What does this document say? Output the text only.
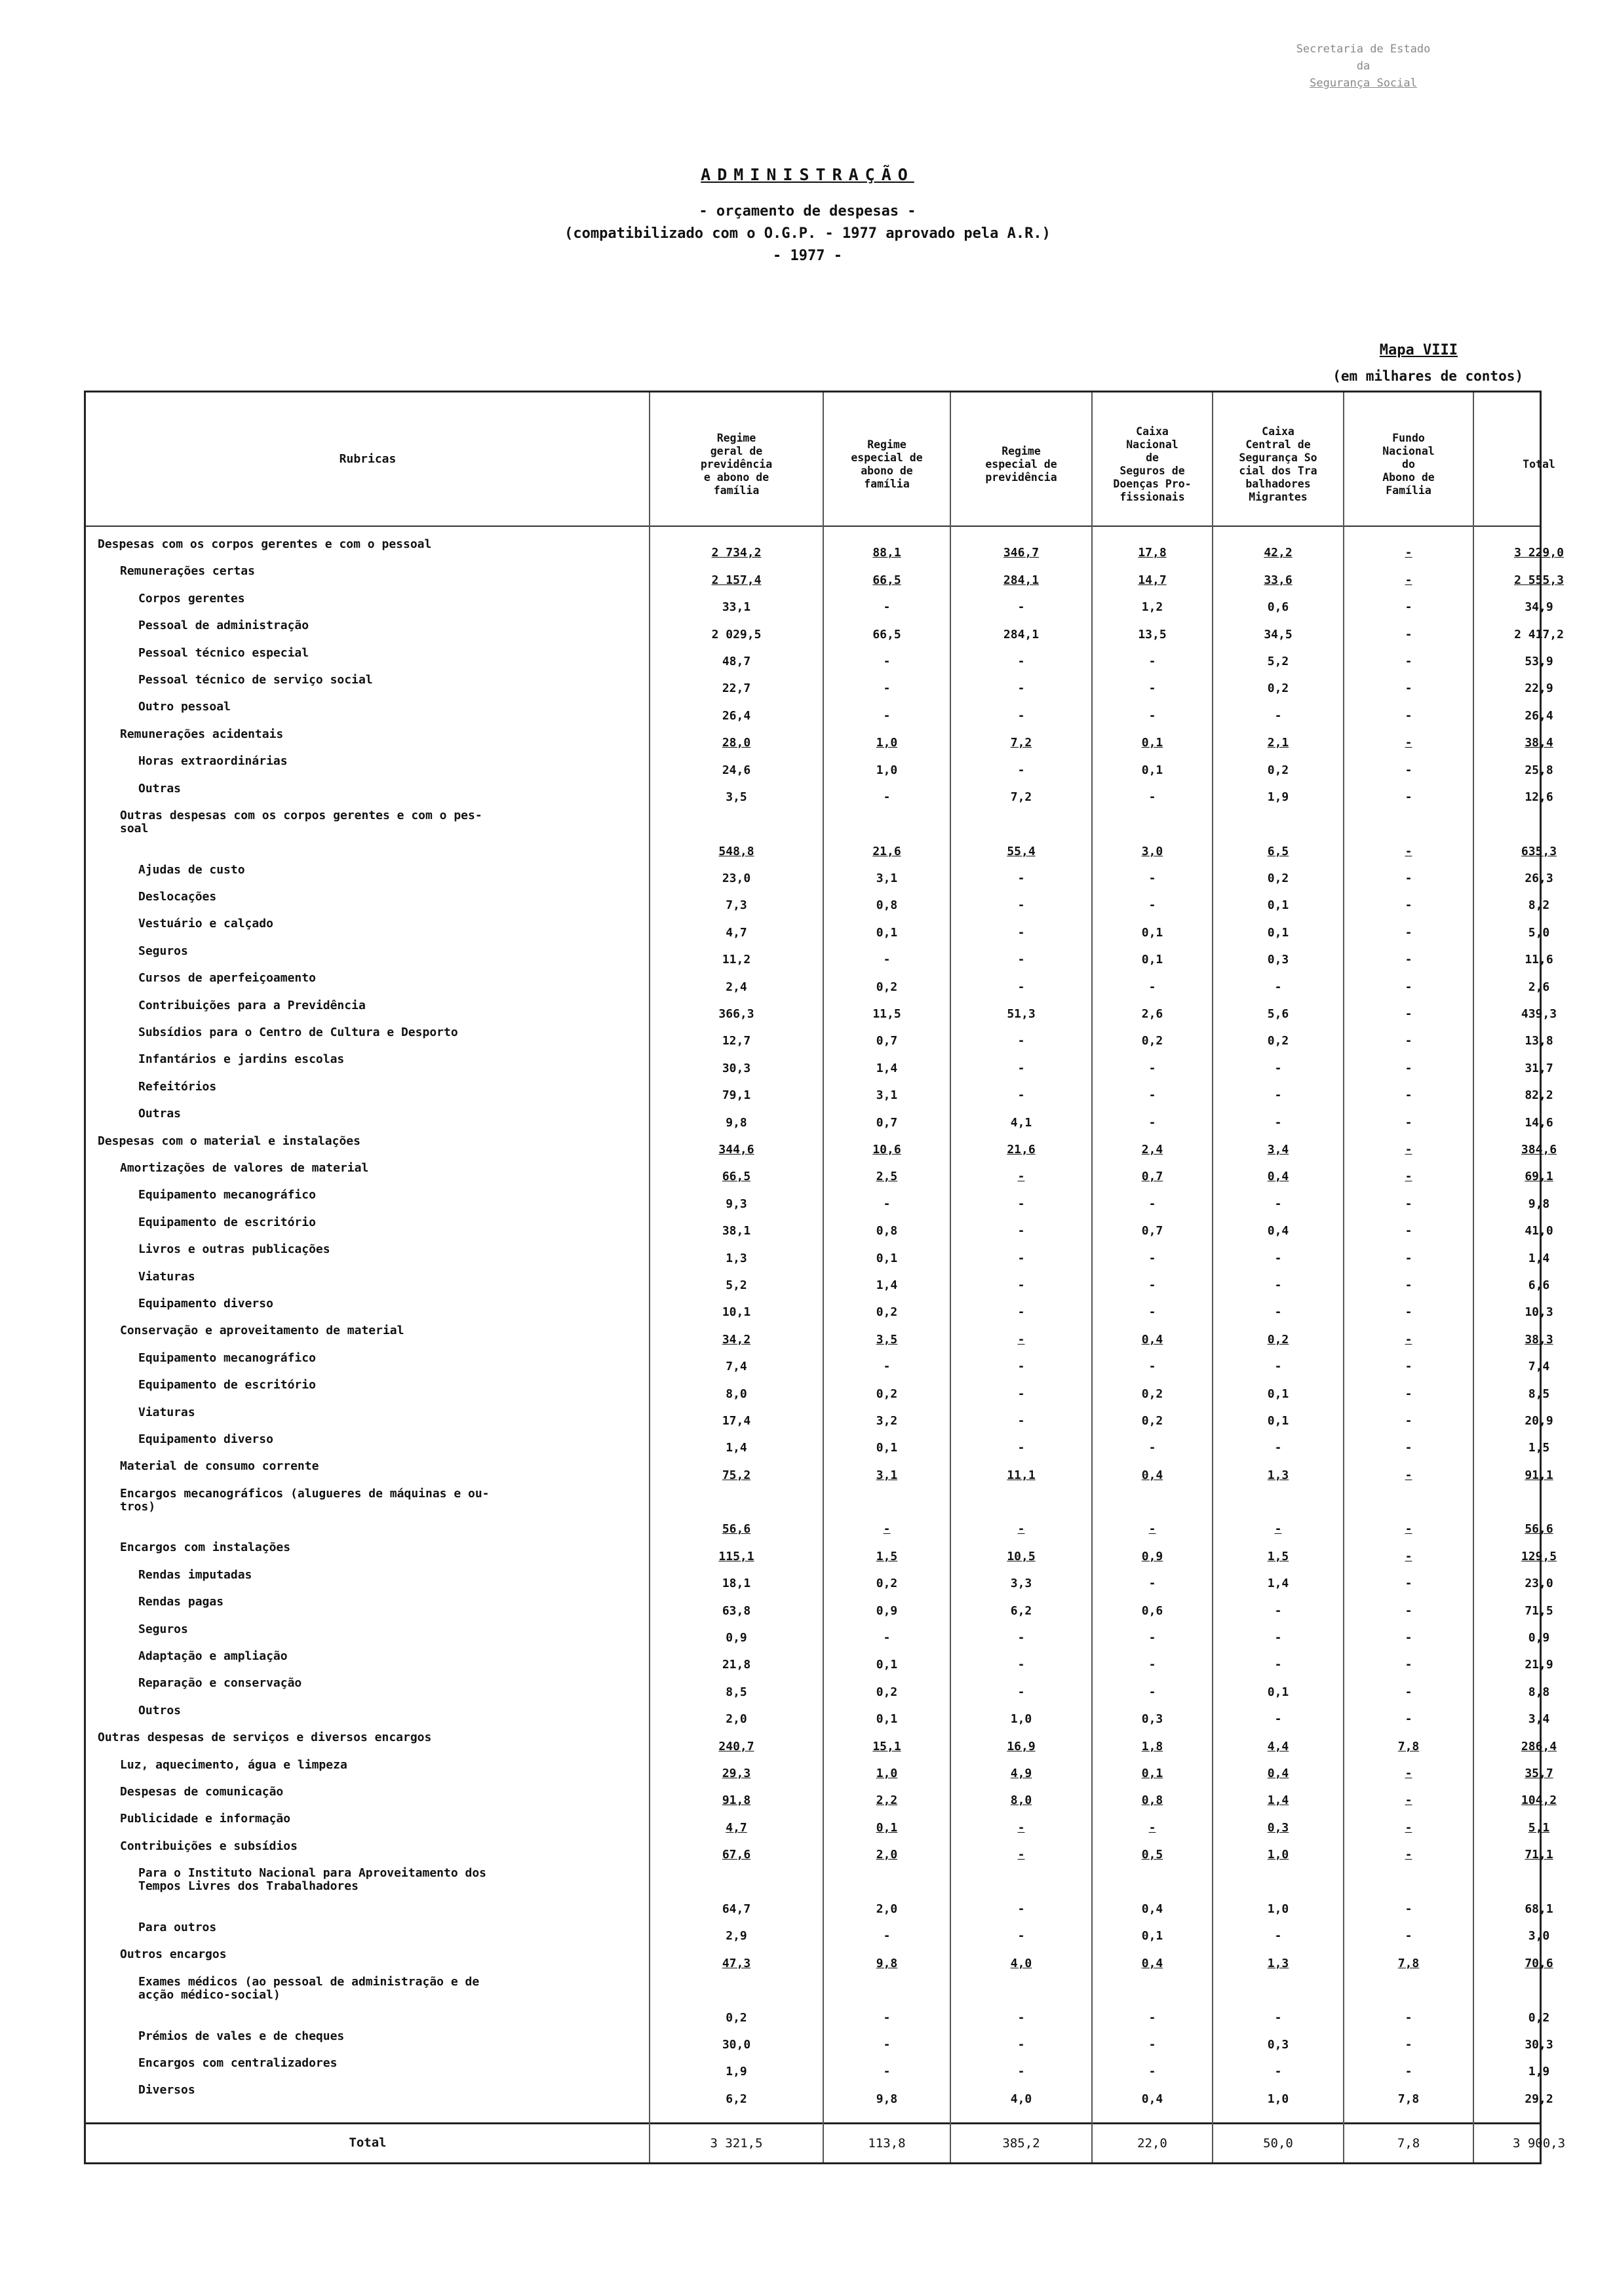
Secretaria de Estado
da
Segurança Social
ADMINISTRAÇÃO
- orçamento de despesas -
(compatibilizado com o O.G.P. - 1977 aprovado pela A.R.)
- 1977 -
Mapa VIII
(em milhares de contos)
Rubricas
Regime
geral de
previdência
e abono de
família
Regime
especial de
abono de
família
Regime
especial de
previdência
Caixa
Nacional
de
Seguros de
Doenças Pro-
fissionais
Caixa
Central de
Segurança So
cial dos Tra
balhadores
Migrantes
Fundo
Nacional
do
Abono de
Família
Total
Despesas com os corpos gerentes e com o pessoal
2 734,2	88,1	346,7	17,8	42,2	-	3 229,0
Remunerações certas
2 157,4	66,5	284,1	14,7	33,6	-	2 555,3
Corpos gerentes
33,1	-	-	1,2	0,6	-	34,9
Pessoal de administração
2 029,5	66,5	284,1	13,5	34,5	-	2 417,2
Pessoal técnico especial
48,7	-	-	-	5,2	-	53,9
Pessoal técnico de serviço social
22,7	-	-	-	0,2	-	22,9
Outro pessoal
26,4	-	-	-	-	-	26,4
Remunerações acidentais
28,0	1,0	7,2	0,1	2,1	-	38,4
Horas extraordinárias
24,6	1,0	-	0,1	0,2	-	25,8
Outras
3,5	-	7,2	-	1,9	-	12,6
Outras despesas com os corpos gerentes e com o pes-
soal
548,8	21,6	55,4	3,0	6,5	-	635,3
Ajudas de custo
23,0	3,1	-	-	0,2	-	26,3
Deslocações
7,3	0,8	-	-	0,1	-	8,2
Vestuário e calçado
4,7	0,1	-	0,1	0,1	-	5,0
Seguros
11,2	-	-	0,1	0,3	-	11,6
Cursos de aperfeiçoamento
2,4	0,2	-	-	-	-	2,6
Contribuições para a Previdência
366,3	11,5	51,3	2,6	5,6	-	439,3
Subsídios para o Centro de Cultura e Desporto
12,7	0,7	-	0,2	0,2	-	13,8
Infantários e jardins escolas
30,3	1,4	-	-	-	-	31,7
Refeitórios
79,1	3,1	-	-	-	-	82,2
Outras
9,8	0,7	4,1	-	-	-	14,6
Despesas com o material e instalações
344,6	10,6	21,6	2,4	3,4	-	384,6
Amortizações de valores de material
66,5	2,5	-	0,7	0,4	-	69,1
Equipamento mecanográfico
9,3	-	-	-	-	-	9,8
Equipamento de escritório
38,1	0,8	-	0,7	0,4	-	41,0
Livros e outras publicações
1,3	0,1	-	-	-	-	1,4
Viaturas
5,2	1,4	-	-	-	-	6,6
Equipamento diverso
10,1	0,2	-	-	-	-	10,3
Conservação e aproveitamento de material
34,2	3,5	-	0,4	0,2	-	38,3
Equipamento mecanográfico
7,4	-	-	-	-	-	7,4
Equipamento de escritório
8,0	0,2	-	0,2	0,1	-	8,5
Viaturas
17,4	3,2	-	0,2	0,1	-	20,9
Equipamento diverso
1,4	0,1	-	-	-	-	1,5
Material de consumo corrente
75,2	3,1	11,1	0,4	1,3	-	91,1
Encargos mecanográficos (alugueres de máquinas e ou-
tros)
56,6	-	-	-	-	-	56,6
Encargos com instalações
115,1	1,5	10,5	0,9	1,5	-	129,5
Rendas imputadas
18,1	0,2	3,3	-	1,4	-	23,0
Rendas pagas
63,8	0,9	6,2	0,6	-	-	71,5
Seguros
0,9	-	-	-	-	-	0,9
Adaptação e ampliação
21,8	0,1	-	-	-	-	21,9
Reparação e conservação
8,5	0,2	-	-	0,1	-	8,8
Outros
2,0	0,1	1,0	0,3	-	-	3,4
Outras despesas de serviços e diversos encargos
240,7	15,1	16,9	1,8	4,4	7,8	286,4
Luz, aquecimento, água e limpeza
29,3	1,0	4,9	0,1	0,4	-	35,7
Despesas de comunicação
91,8	2,2	8,0	0,8	1,4	-	104,2
Publicidade e informação
4,7	0,1	-	-	0,3	-	5,1
Contribuições e subsídios
67,6	2,0	-	0,5	1,0	-	71,1
Para o Instituto Nacional para Aproveitamento dos
Tempos Livres dos Trabalhadores
64,7	2,0	-	0,4	1,0	-	68,1
Para outros
2,9	-	-	0,1	-	-	3,0
Outros encargos
47,3	9,8	4,0	0,4	1,3	7,8	70,6
Exames médicos (ao pessoal de administração e de
acção médico-social)
0,2	-	-	-	-	-	0,2
Prémios de vales e de cheques
30,0	-	-	-	0,3	-	30,3
Encargos com centralizadores
1,9	-	-	-	-	-	1,9
Diversos
6,2	9,8	4,0	0,4	1,0	7,8	29,2
Total	3 321,5	113,8	385,2	22,0	50,0	7,8	3 900,3
